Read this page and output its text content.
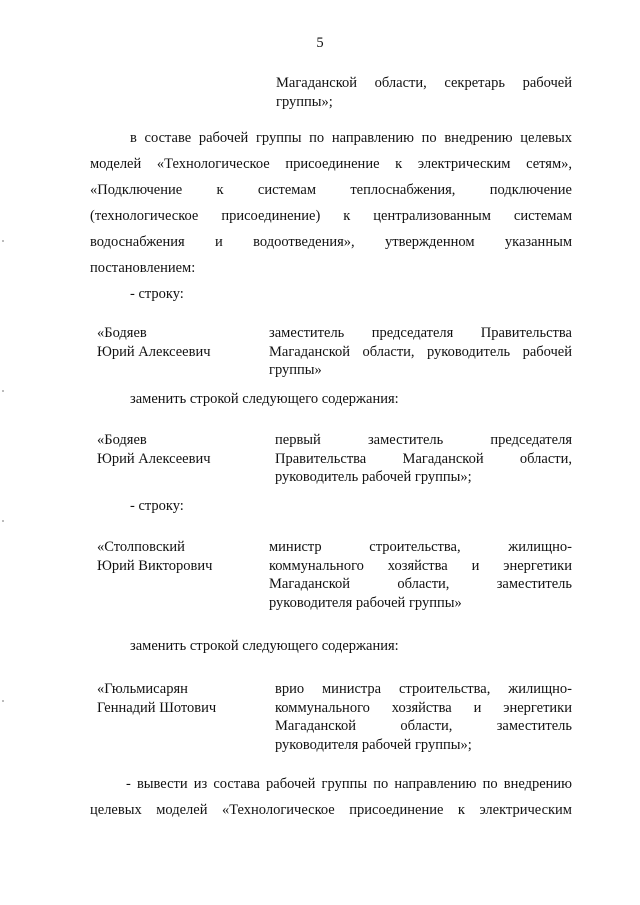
5
Магаданской области, секретарь рабочей
группы»;
в составе рабочей группы по направлению по внедрению целевых
моделей «Технологическое присоединение к электрическим сетям»,
«Подключение к системам теплоснабжения, подключение
(технологическое присоединение) к централизованным системам
водоснабжения и водоотведения», утвержденном указанным
постановлением:
- строку:
«Бодяев
Юрий Алексеевич
заместитель председателя Правительства
Магаданской области, руководитель рабочей
группы»
заменить строкой следующего содержания:
«Бодяев
Юрий Алексеевич
первый заместитель председателя
Правительства Магаданской области,
руководитель рабочей группы»;
- строку:
«Столповский
Юрий Викторович
министр строительства, жилищно-
коммунального хозяйства и энергетики
Магаданской области, заместитель
руководителя рабочей группы»
заменить строкой следующего содержания:
«Гюльмисарян
Геннадий Шотович
врио министра строительства, жилищно-
коммунального хозяйства и энергетики
Магаданской области, заместитель
руководителя рабочей группы»;
- вывести из состава рабочей группы по направлению по внедрению
целевых моделей «Технологическое присоединение к электрическим
